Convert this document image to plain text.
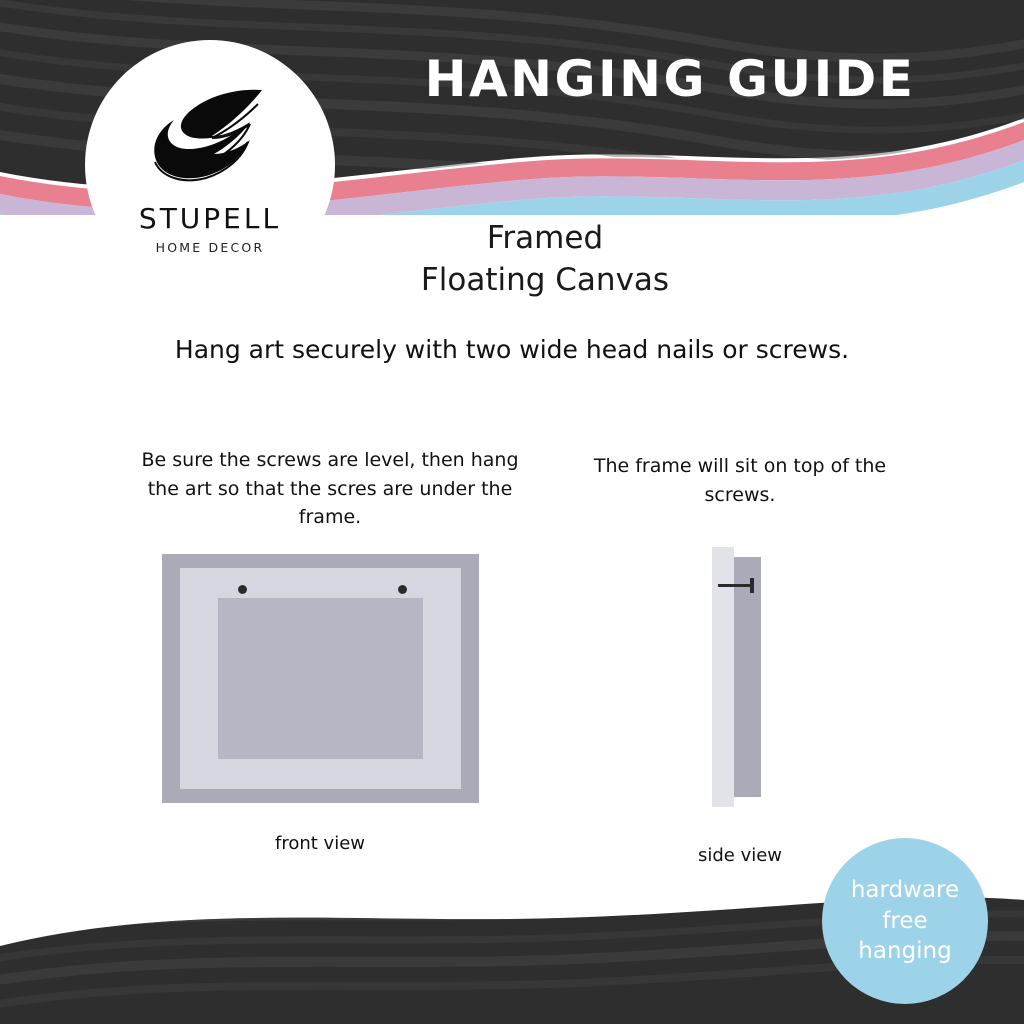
STUPELL
HOME DECOR
HANGING GUIDE
Framed
Floating Canvas
Hang art securely with two wide head nails or screws.
Be sure the screws are level, then hang the art so that the scres are under the frame.
The frame will sit on top of the screws.
front view
side view
hardware
free
hanging
